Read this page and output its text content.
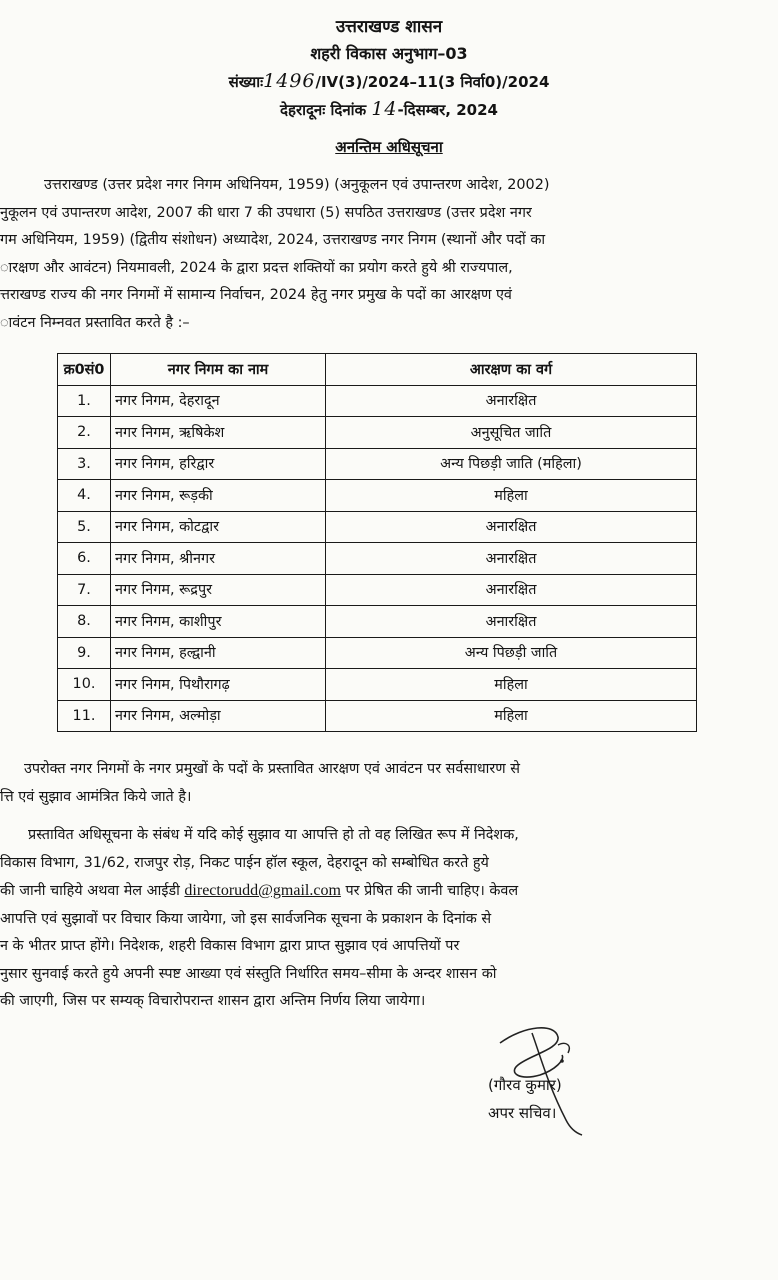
उत्तराखण्ड शासन
शहरी विकास अनुभाग–03
संख्याः1496/IV(3)/2024–11(3 निर्वा0)/2024
देहरादूनः दिनांक 14-दिसम्बर, 2024
अनन्तिम अधिसूचना
उत्तराखण्ड (उत्तर प्रदेश नगर निगम अधिनियम, 1959) (अनुकूलन एवं उपान्तरण आदेश, 2002)
नुकूलन एवं उपान्तरण आदेश, 2007 की धारा 7 की उपधारा (5) सपठित उत्तराखण्ड (उत्तर प्रदेश नगर
गम अधिनियम, 1959) (द्वितीय संशोधन) अध्यादेश, 2024, उत्तराखण्ड नगर निगम (स्थानों और पदों का
ारक्षण और आवंटन) नियमावली, 2024 के द्वारा प्रदत्त शक्तियों का प्रयोग करते हुये श्री राज्यपाल,
त्तराखण्ड राज्य की नगर निगमों में सामान्य निर्वाचन, 2024 हेतु नगर प्रमुख के पदों का आरक्षण एवं
ावंटन निम्नवत प्रस्तावित करते है :–
क्र0सं0	नगर निगम का नाम	आरक्षण का वर्ग
1.	नगर निगम, देहरादून	अनारक्षित
2.	नगर निगम, ऋषिकेश	अनुसूचित जाति
3.	नगर निगम, हरिद्वार	अन्य पिछड़ी जाति (महिला)
4.	नगर निगम, रूड़की	महिला
5.	नगर निगम, कोटद्वार	अनारक्षित
6.	नगर निगम, श्रीनगर	अनारक्षित
7.	नगर निगम, रूद्रपुर	अनारक्षित
8.	नगर निगम, काशीपुर	अनारक्षित
9.	नगर निगम, हल्द्वानी	अन्य पिछड़ी जाति
10.	नगर निगम, पिथौरागढ़	महिला
11.	नगर निगम, अल्मोड़ा	महिला
उपरोक्त नगर निगमों के नगर प्रमुखों के पदों के प्रस्तावित आरक्षण एवं आवंटन पर सर्वसाधारण से
त्ति एवं सुझाव आमंत्रित किये जाते है।
प्रस्तावित अधिसूचना के संबंध में यदि कोई सुझाव या आपत्ति हो तो वह लिखित रूप में निदेशक,
विकास विभाग, 31/62, राजपुर रोड़, निकट पाईन हॉल स्कूल, देहरादून को सम्बोधित करते हुये
की जानी चाहिये अथवा मेल आईडी directorudd@gmail.com पर प्रेषित की जानी चाहिए। केवल
आपत्ति एवं सुझावों पर विचार किया जायेगा, जो इस सार्वजनिक सूचना के प्रकाशन के दिनांक से
न के भीतर प्राप्त होंगे। निदेशक, शहरी विकास विभाग द्वारा प्राप्त सुझाव एवं आपत्तियों पर
नुसार सुनवाई करते हुये अपनी स्पष्ट आख्या एवं संस्तुति निर्धारित समय–सीमा के अन्दर शासन को
की जाएगी, जिस पर सम्यक् विचारोपरान्त शासन द्वारा अन्तिम निर्णय लिया जायेगा।
(गौरव कुमार)
अपर सचिव।
